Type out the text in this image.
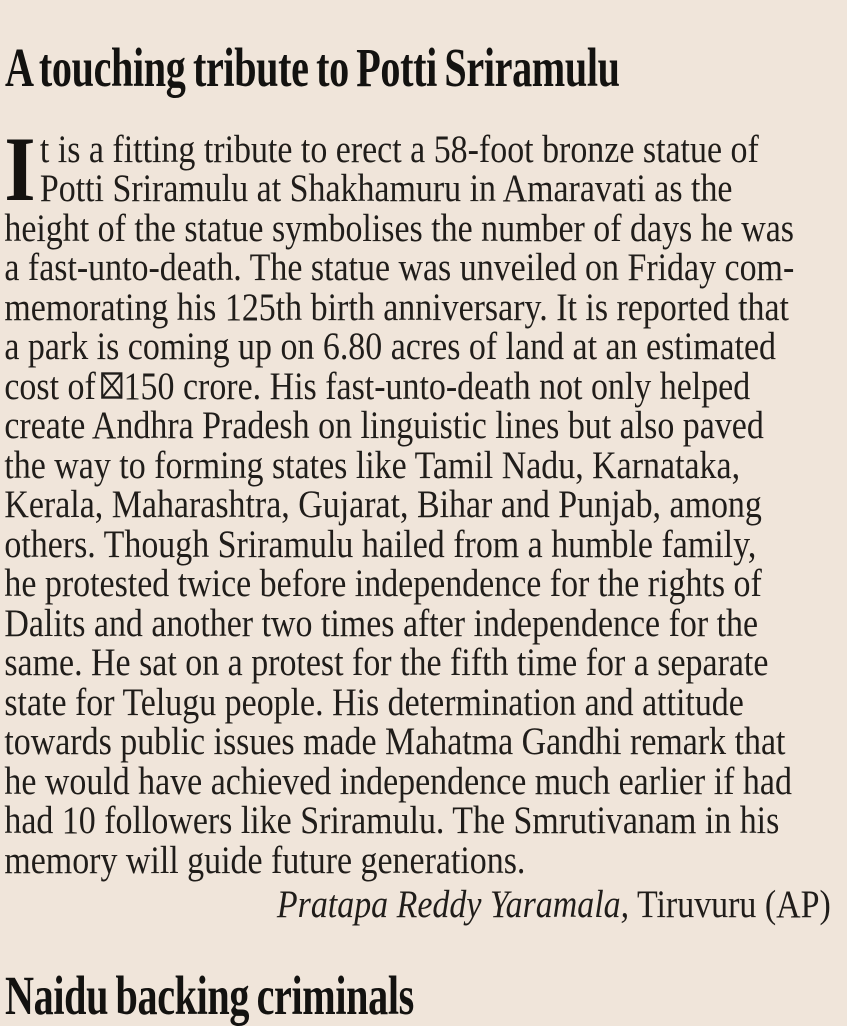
A touching tribute to Potti Sriramulu
I t is a fitting tribute to erect a 58-foot bronze statue of
Potti Sriramulu at Shakhamuru in Amaravati as the
height of the statue symbolises the number of days he was
a fast-unto-death. The statue was unveiled on Friday com-
memorating his 125th birth anniversary. It is reported that
a park is coming up on 6.80 acres of land at an estimated
cost of 150 crore. His fast-unto-death not only helped
create Andhra Pradesh on linguistic lines but also paved
the way to forming states like Tamil Nadu, Karnataka,
Kerala, Maharashtra, Gujarat, Bihar and Punjab, among
others. Though Sriramulu hailed from a humble family,
he protested twice before independence for the rights of
Dalits and another two times after independence for the
same. He sat on a protest for the fifth time for a separate
state for Telugu people. His determination and attitude
towards public issues made Mahatma Gandhi remark that
he would have achieved independence much earlier if had
had 10 followers like Sriramulu. The Smrutivanam in his
memory will guide future generations.
Pratapa Reddy Yaramala, Tiruvuru (AP)
Naidu backing criminals
